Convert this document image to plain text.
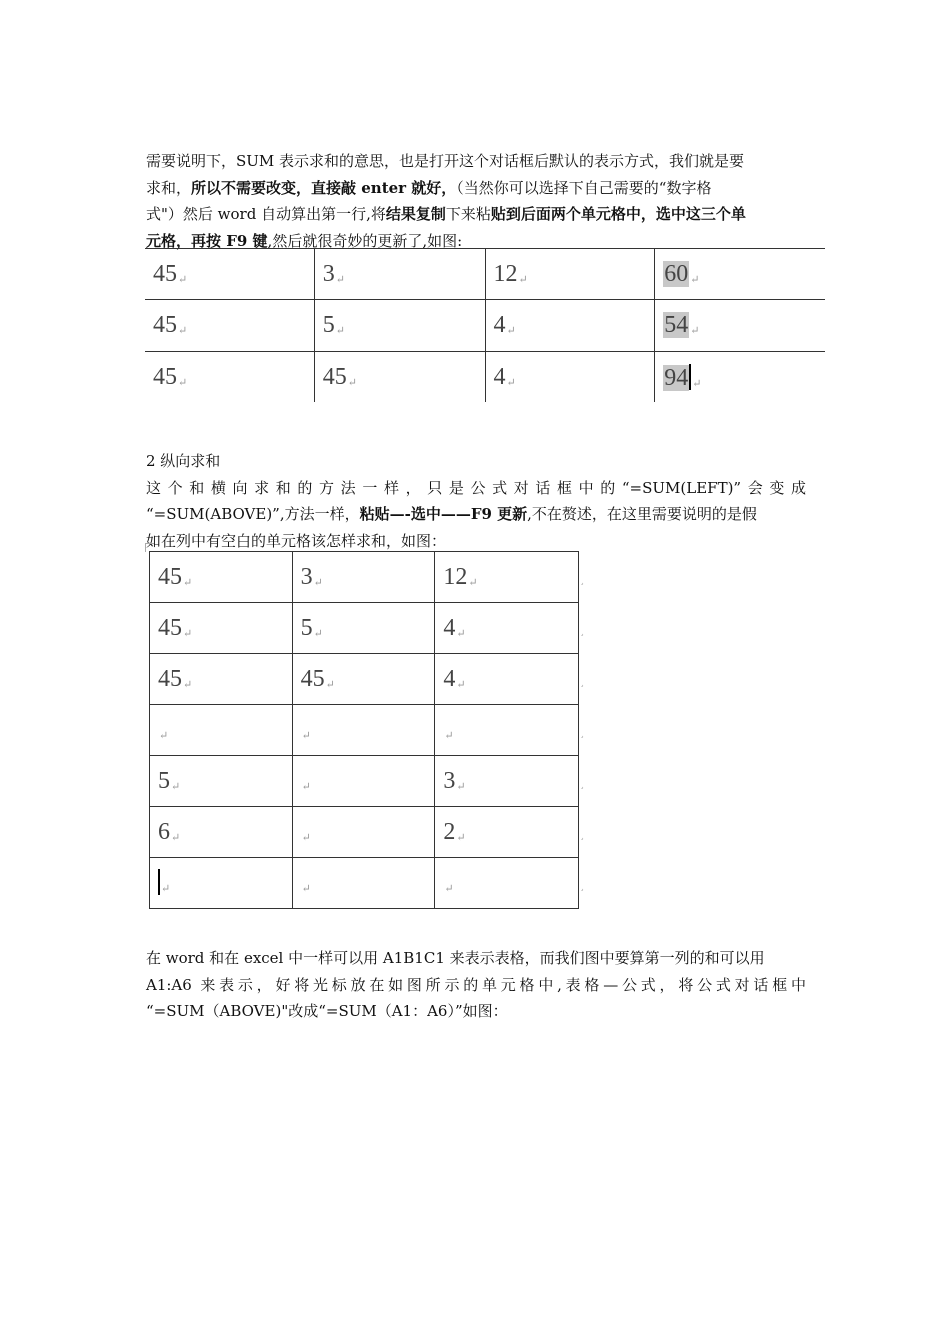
需要说明下，SUM 表示求和的意思，也是打开这个对话框后默认的表示方式，我们就是要
求和，所以不需要改变，直接敲 enter 就好，（当然你可以选择下自己需要的“数字格
式"）然后 word 自动算出第一行,将结果复制下来粘贴到后面两个单元格中，选中这三个单
元格，再按 F9 键,然后就很奇妙的更新了,如图:
45↵	3↵	12↵	60 ↵
45↵	5↵	4↵	54 ↵
45↵	45↵	4↵	94 ↵
2 纵向求和
这个和横向求和的方法一样，只是公式对话框中的“=SUM(LEFT)”会变成
“=SUM(ABOVE)”,方法一样，粘贴—-选中——F9 更新,不在赘述，在这里需要说明的是假
如在列中有空白的单元格该怎样求和，如图：
45↵	3↵	12↵
45↵	5↵	4↵
45↵	45↵	4↵
↵	↵	↵
5↵	↵	3↵
6↵	↵	2↵
↵	↵	↵
¸
¸
¸
¸
¸
¸
¸
在 word 和在 excel 中一样可以用 A1B1C1 来表示表格，而我们图中要算第一列的和可以用
A1:A6 来表示，好将光标放在如图所示的单元格中,表格—公式，将公式对话框中
“=SUM（ABOVE)"改成“=SUM（A1：A6）”如图：
